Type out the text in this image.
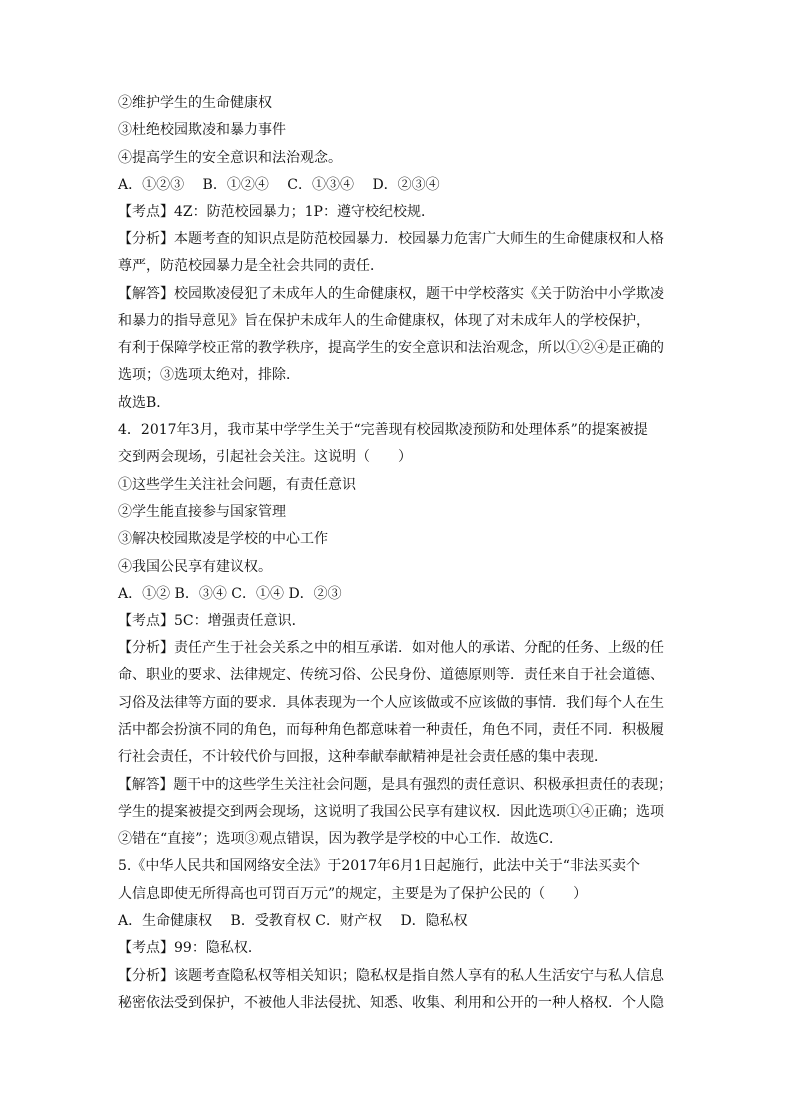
②维护学生的生命健康权
③杜绝校园欺凌和暴力事件
④提高学生的安全意识和法治观念。
A．①②③　 B．①②④　 C．①③④　 D．②③④
【考点】4Z：防范校园暴力；1P：遵守校纪校规．
【分析】本题考查的知识点是防范校园暴力．校园暴力危害广大师生的生命健康权和人格
尊严，防范校园暴力是全社会共同的责任．
【解答】校园欺凌侵犯了未成年人的生命健康权，题干中学校落实《关于防治中小学欺凌
和暴力的指导意见》旨在保护未成年人的生命健康权，体现了对未成年人的学校保护，
有利于保障学校正常的教学秩序，提高学生的安全意识和法治观念，所以①②④是正确的
选项；③选项太绝对，排除．
故选B．
4．2017年3月，我市某中学学生关于“完善现有校园欺凌预防和处理体系”的提案被提
交到两会现场，引起社会关注。这说明（　　）
①这些学生关注社会问题，有责任意识
②学生能直接参与国家管理
③解决校园欺凌是学校的中心工作
④我国公民享有建议权。
A．①② B．③④ C．①④ D．②③
【考点】5C：增强责任意识．
【分析】责任产生于社会关系之中的相互承诺．如对他人的承诺、分配的任务、上级的任
命、职业的要求、法律规定、传统习俗、公民身份、道德原则等．责任来自于社会道德、
习俗及法律等方面的要求．具体表现为一个人应该做或不应该做的事情．我们每个人在生
活中都会扮演不同的角色，而每种角色都意味着一种责任，角色不同，责任不同．积极履
行社会责任，不计较代价与回报，这种奉献奉献精神是社会责任感的集中表现．
【解答】题干中的这些学生关注社会问题，是具有强烈的责任意识、积极承担责任的表现；
学生的提案被提交到两会现场，这说明了我国公民享有建议权．因此选项①④正确；选项
②错在“直接”；选项③观点错误，因为教学是学校的中心工作．故选C．
5.《中华人民共和国网络安全法》于2017年6月1日起施行，此法中关于“非法买卖个
人信息即使无所得高也可罚百万元”的规定，主要是为了保护公民的（　　）
A．生命健康权　 B．受教育权 C．财产权　 D．隐私权
【考点】99：隐私权．
【分析】该题考查隐私权等相关知识；隐私权是指自然人享有的私人生活安宁与私人信息
秘密依法受到保护，不被他人非法侵扰、知悉、收集、利用和公开的一种人格权．个人隐
